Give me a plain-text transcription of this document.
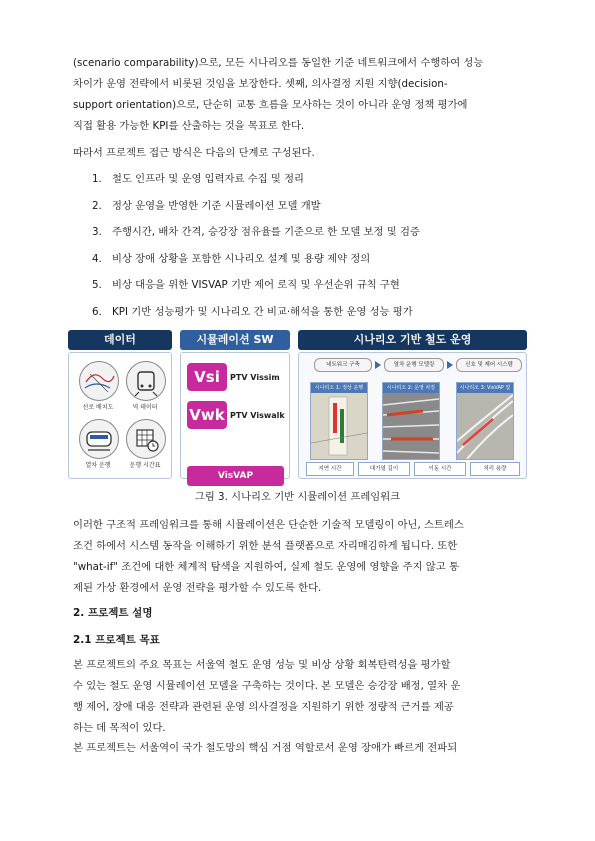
(scenario comparability)으로, 모든 시나리오를 동일한 기준 네트워크에서 수행하여 성능
차이가 운영 전략에서 비롯된 것임을 보장한다. 셋째, 의사결정 지원 지향(decision-
support orientation)으로, 단순히 교통 흐름을 모사하는 것이 아니라 운영 정책 평가에
직접 활용 가능한 KPI를 산출하는 것을 목표로 한다.

따라서 프로젝트 접근 방식은 다음의 단계로 구성된다.

1. 철도 인프라 및 운영 입력자료 수집 및 정리
2. 정상 운영을 반영한 기준 시뮬레이션 모델 개발
3. 주행시간, 배차 간격, 승강장 점유율를 기준으로 한 모델 보정 및 검증
4. 비상 장애 상황을 포함한 시나리오 설계 및 용량 제약 정의
5. 비상 대응을 위한 VISVAP 기반 제어 로직 및 우선순위 규칙 구현
6. KPI 기반 성능평가 및 시나리오 간 비교·해석을 통한 운영 성능 평가
데이터
선로 배치도	역 데이터
열차 운행	운행 시간표
시뮬레이션 SW
Vsi	PTV Vissim
Vwk PTV Viswalk
VisVAP
시나리오 기반 철도 운영
네트워크 구축	열차 운행 모델링	신호 및 제어 시스템
시나리오 1: 정상 운행	시나리오 2: 운영 차질	시나리오 3: VisVAP 및
지연 시간	대기열 길이	이동 시간	처리 용량
그림 3. 시나리오 기반 시뮬레이션 프레임워크
이러한 구조적 프레임워크를 통해 시뮬레이션은 단순한 기술적 모델링이 아닌, 스트레스
조건 하에서 시스템 동작을 이해하기 위한 분석 플랫폼으로 자리매김하게 됩니다. 또한
"what-if" 조건에 대한 체계적 탐색을 지원하여, 실제 철도 운영에 영향을 주지 않고 통
제된 가상 환경에서 운영 전략을 평가할 수 있도록 한다.
2. 프로젝트 설명
2.1 프로젝트 목표
본 프로젝트의 주요 목표는 서울역 철도 운영 성능 및 비상 상황 회복탄력성을 평가할
수 있는 철도 운영 시뮬레이션 모델을 구축하는 것이다. 본 모델은 승강장 배정, 열차 운
행 제어, 장애 대응 전략과 관련된 운영 의사결정을 지원하기 위한 정량적 근거를 제공
하는 데 목적이 있다.

본 프로젝트는 서울역이 국가 철도망의 핵심 거점 역할로서 운영 장애가 빠르게 전파되
